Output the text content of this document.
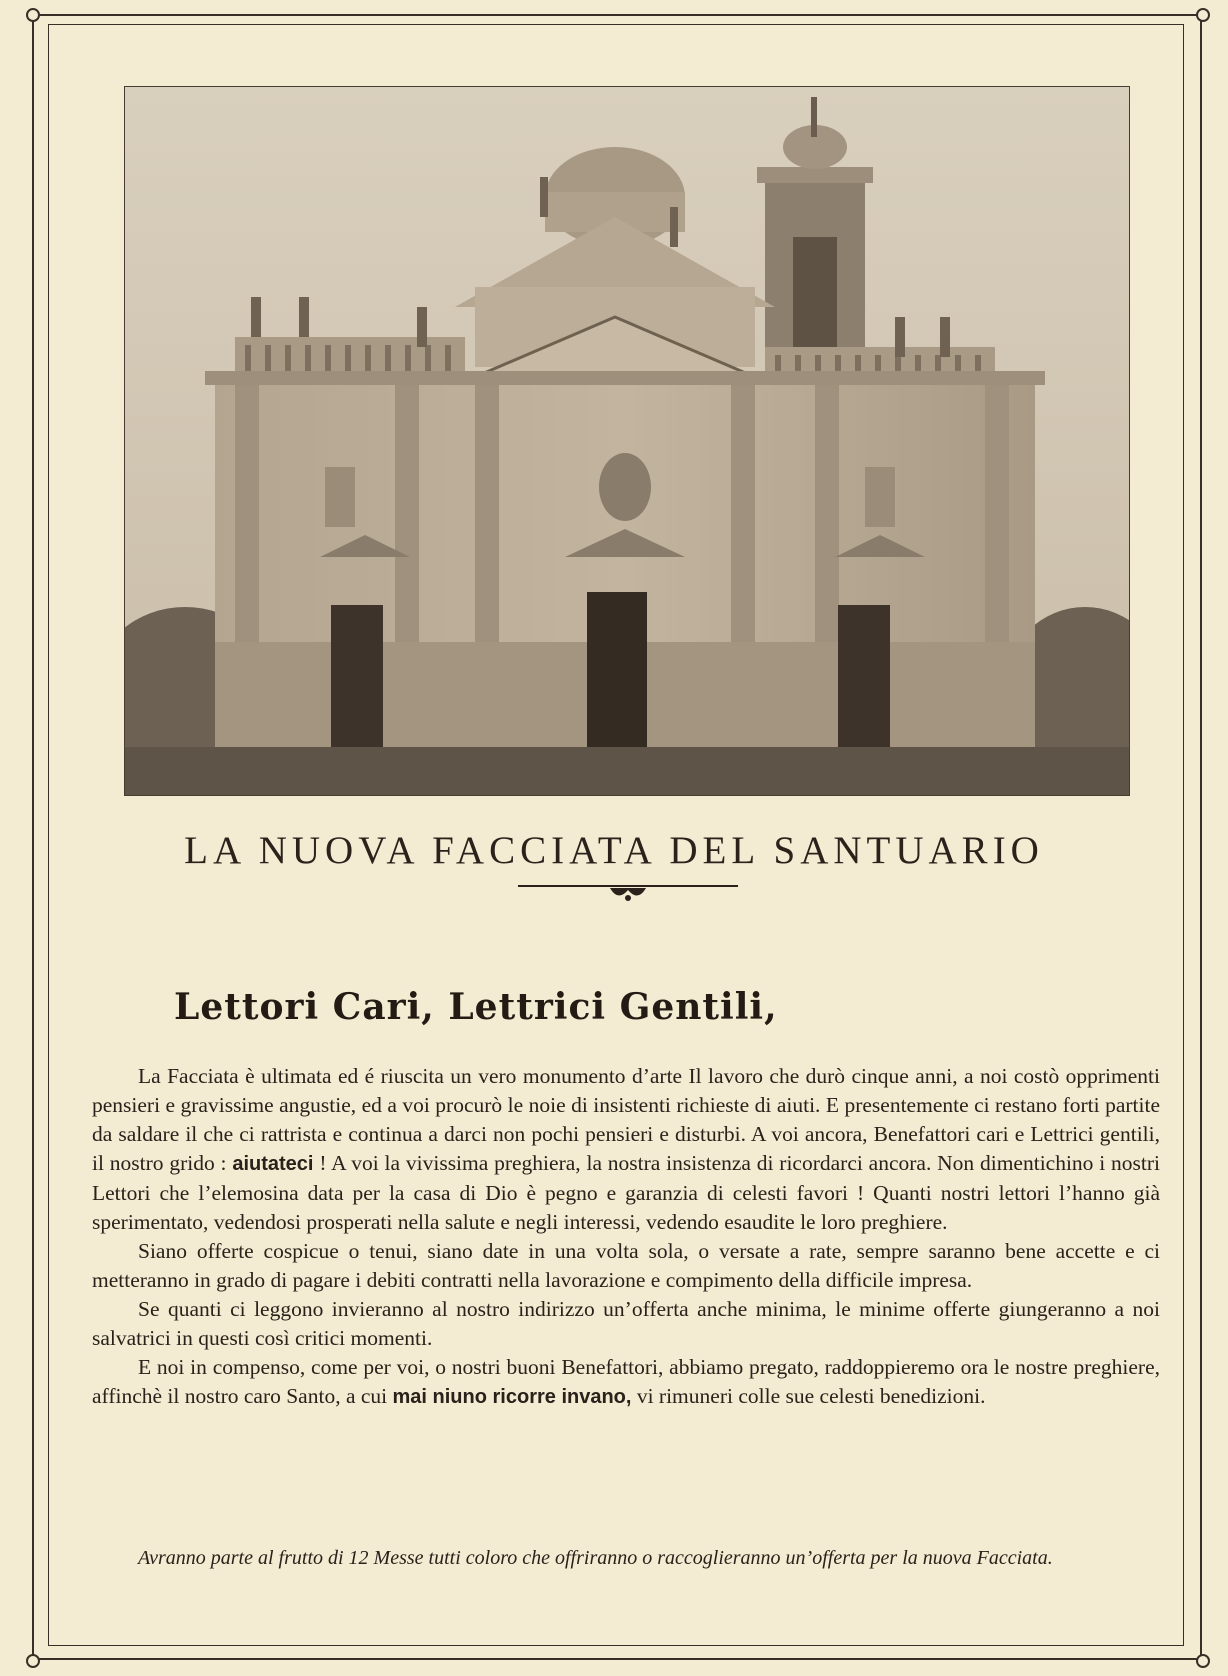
LA NUOVA FACCIATA DEL SANTUARIO
Lettori Cari, Lettrici Gentili,

La Facciata è ultimata ed é riuscita un vero monumento d’arte Il lavoro che durò cinque anni, a noi costò opprimenti pensieri e gravissime angustie, ed a voi procurò le noie di insistenti richieste di aiuti. E presentemente ci restano forti partite da saldare il che ci rattrista e continua a darci non pochi pensieri e disturbi. A voi ancora, Benefattori cari e Lettrici gentili, il nostro grido : aiutateci ! A voi la vivissima preghiera, la nostra insistenza di ricordarci ancora. Non dimentichino i nostri Lettori che l’elemosina data per la casa di Dio è pegno e garanzia di celesti favori ! Quanti nostri lettori l’hanno già sperimentato, vedendosi prosperati nella salute e negli interessi, vedendo esaudite le loro preghiere.

Siano offerte cospicue o tenui, siano date in una volta sola, o versate a rate, sempre saranno bene accette e ci metteranno in grado di pagare i debiti contratti nella lavorazione e compimento della difficile impresa.

Se quanti ci leggono invieranno al nostro indirizzo un’offerta anche minima, le minime offerte giungeranno a noi salvatrici in questi così critici momenti.

E noi in compenso, come per voi, o nostri buoni Benefattori, abbiamo pregato, raddoppieremo ora le nostre preghiere, affinchè il nostro caro Santo, a cui mai niuno ricorre invano, vi rimuneri colle sue celesti benedizioni.

Avranno parte al frutto di 12 Messe tutti coloro che offriranno o raccoglieranno un’offerta per la nuova Facciata.
